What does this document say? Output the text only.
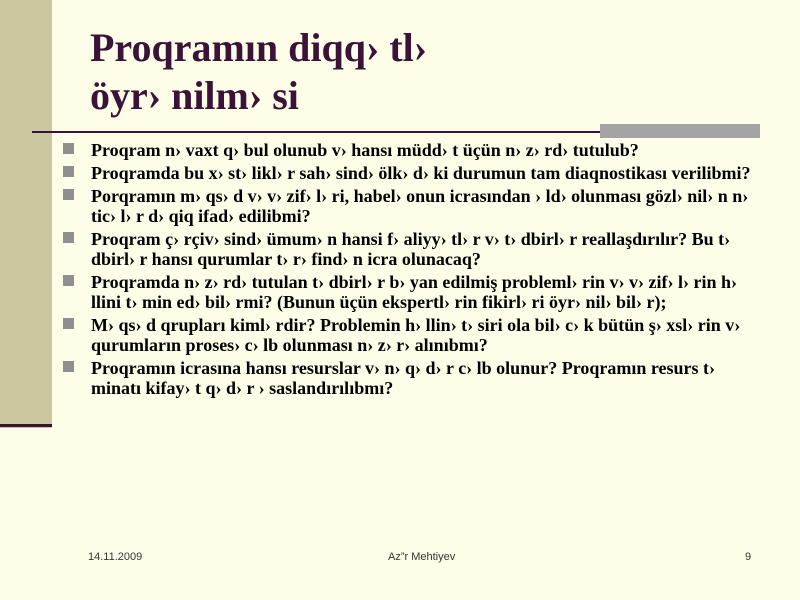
Proqramın diqq› tl›
öyr› nilm› si
Proqram n› vaxt q› bul olunub v› hansı müdd› t üçün n› z› rd› tutulub?
Proqramda bu x› st› likl› r sah› sind› ölk› d› ki durumun tam diaqnostikası verilibmi?
Porqramın m› qs› d v› v› zif› l› ri, habel› onun icrasından › ld› olunması gözl› nil› n n› tic› l› r d› qiq ifad› edilibmi?
Proqram ç› rçiv› sind› ümum› n hansi f› aliyy› tl› r v› t› dbirl› r reallaşdırılır? Bu t› dbirl› r hansı qurumlar t› r› find› n icra olunacaq?
Proqramda n› z› rd› tutulan t› dbirl› r b› yan edilmiş probleml› rin v› v› zif› l› rin h› llini t› min ed› bil› rmi? (Bunun üçün ekspertl› rin fikirl› ri öyr› nil› bil› r);
M› qs› d qrupları kiml› rdir? Problemin h› llin› t› siri ola bil› c› k bütün ş› xsl› rin v› qurumların proses› c› lb olunması n› z› r› alınıbmı?
Proqramın icrasına hansı resurslar v› n› q› d› r c› lb olunur? Proqramın resurs t› minatı kifay› t q› d› r › saslandırılıbmı?
14.11.2009	Az”r Mehtiyev	9
